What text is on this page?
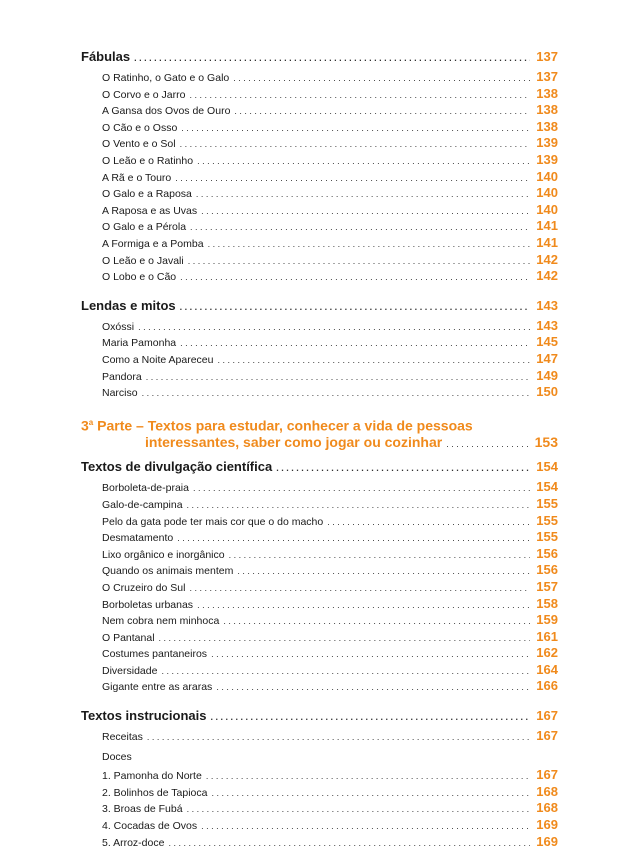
Fábulas . . .	137
O Ratinho, o Gato e o Galo . . .	137
O Corvo e o Jarro . . .	138
A Gansa dos Ovos de Ouro . . .	138
O Cão e o Osso . . .	138
O Vento e o Sol . . .	139
O Leão e o Ratinho . . .	139
A Rã e o Touro . . .	140
O Galo e a Raposa . . .	140
A Raposa e as Uvas . . .	140
O Galo e a Pérola . . .	141
A Formiga e a Pomba . . .	141
O Leão e o Javali . . .	142
O Lobo e o Cão . . .	142
Lendas e mitos . . .	143
Oxóssi . . .	143
Maria Pamonha . . .	145
Como a Noite Apareceu . . .	147
Pandora . . .	149
Narciso . . .	150
3$^a$ Parte – Textos para estudar, conhecer a vida de pessoas
interessantes, saber como jogar ou cozinhar . . .	153
Textos de divulgação científica . . .	154
Borboleta-de-praia . . .	154
Galo-de-campina . . .	155
Pelo da gata pode ter mais cor que o do macho . . .	155
Desmatamento . . .	155
Lixo orgânico e inorgânico . . .	156
Quando os animais mentem . . .	156
O Cruzeiro do Sul . . .	157
Borboletas urbanas . . .	158
Nem cobra nem minhoca . . .	159
O Pantanal . . .	161
Costumes pantaneiros . . .	162
Diversidade . . .	164
Gigante entre as araras . . .	166
Textos instrucionais . . .	167
Receitas . . .	167
Doces
1. Pamonha do Norte . . .	167
2. Bolinhos de Tapioca . . .	168
3. Broas de Fubá . . .	168
4. Cocadas de Ovos . . .	169
5. Arroz-doce . . .	169
